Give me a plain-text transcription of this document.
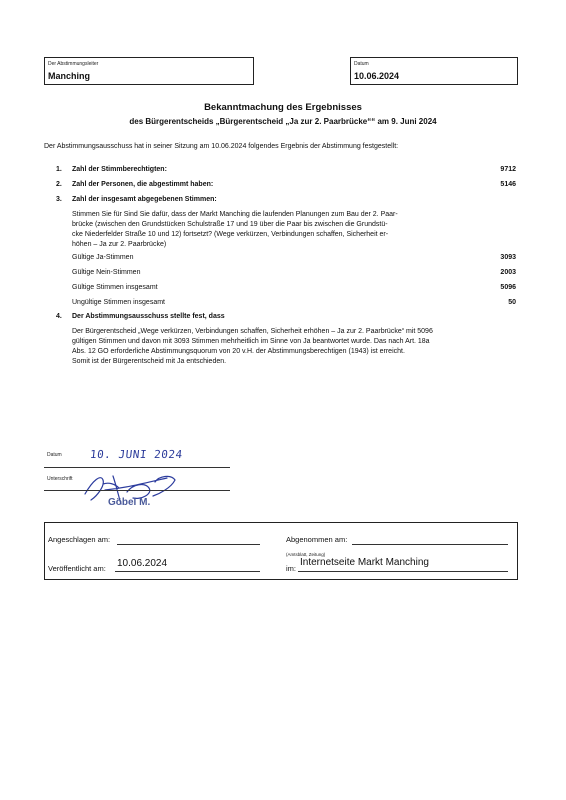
Der Abstimmungsleiter
Manching
Datum
10.06.2024
Bekanntmachung des Ergebnisses
des Bürgerentscheids „Bürgerentscheid „Ja zur 2. Paarbrücke““ am 9. Juni 2024
Der Abstimmungsausschuss hat in seiner Sitzung am 10.06.2024 folgendes Ergebnis der Abstimmung festgestellt:
1. Zahl der Stimmberechtigten:	9712
2. Zahl der Personen, die abgestimmt haben:	5146
3. Zahl der insgesamt abgegebenen Stimmen:
Stimmen Sie für Sind Sie dafür, dass der Markt Manching die laufenden Planungen zum Bau der 2. Paar-
brücke (zwischen den Grundstücken Schulstraße 17 und 19 über die Paar bis zwischen die Grundstü-
cke Niederfelder Straße 10 und 12) fortsetzt? (Wege verkürzen, Verbindungen schaffen, Sicherheit er-
höhen – Ja zur 2. Paarbrücke)
Gültige Ja-Stimmen	3093
Gültige Nein-Stimmen	2003
Gültige Stimmen insgesamt	5096
Ungültige Stimmen insgesamt	50
4. Der Abstimmungsausschuss stellte fest, dass
Der Bürgerentscheid „Wege verkürzen, Verbindungen schaffen, Sicherheit erhöhen – Ja zur 2. Paarbrücke“ mit 5096
gültigen Stimmen und davon mit 3093 Stimmen mehrheitlich im Sinne von Ja beantwortet wurde. Das nach Art. 18a
Abs. 12 GO erforderliche Abstimmungsquorum von 20 v.H. der Abstimmungsberechtigen (1943) ist erreicht.
Somit ist der Bürgerentscheid mit Ja entschieden.
Datum	10. JUNI 2024
Unterschrift
Göbel M.
Angeschlagen am:	Abgenommen am:
Veröffentlicht am: 10.06.2024
(Amtsblatt, Zeitung)
im:
Internetseite Markt Manching
